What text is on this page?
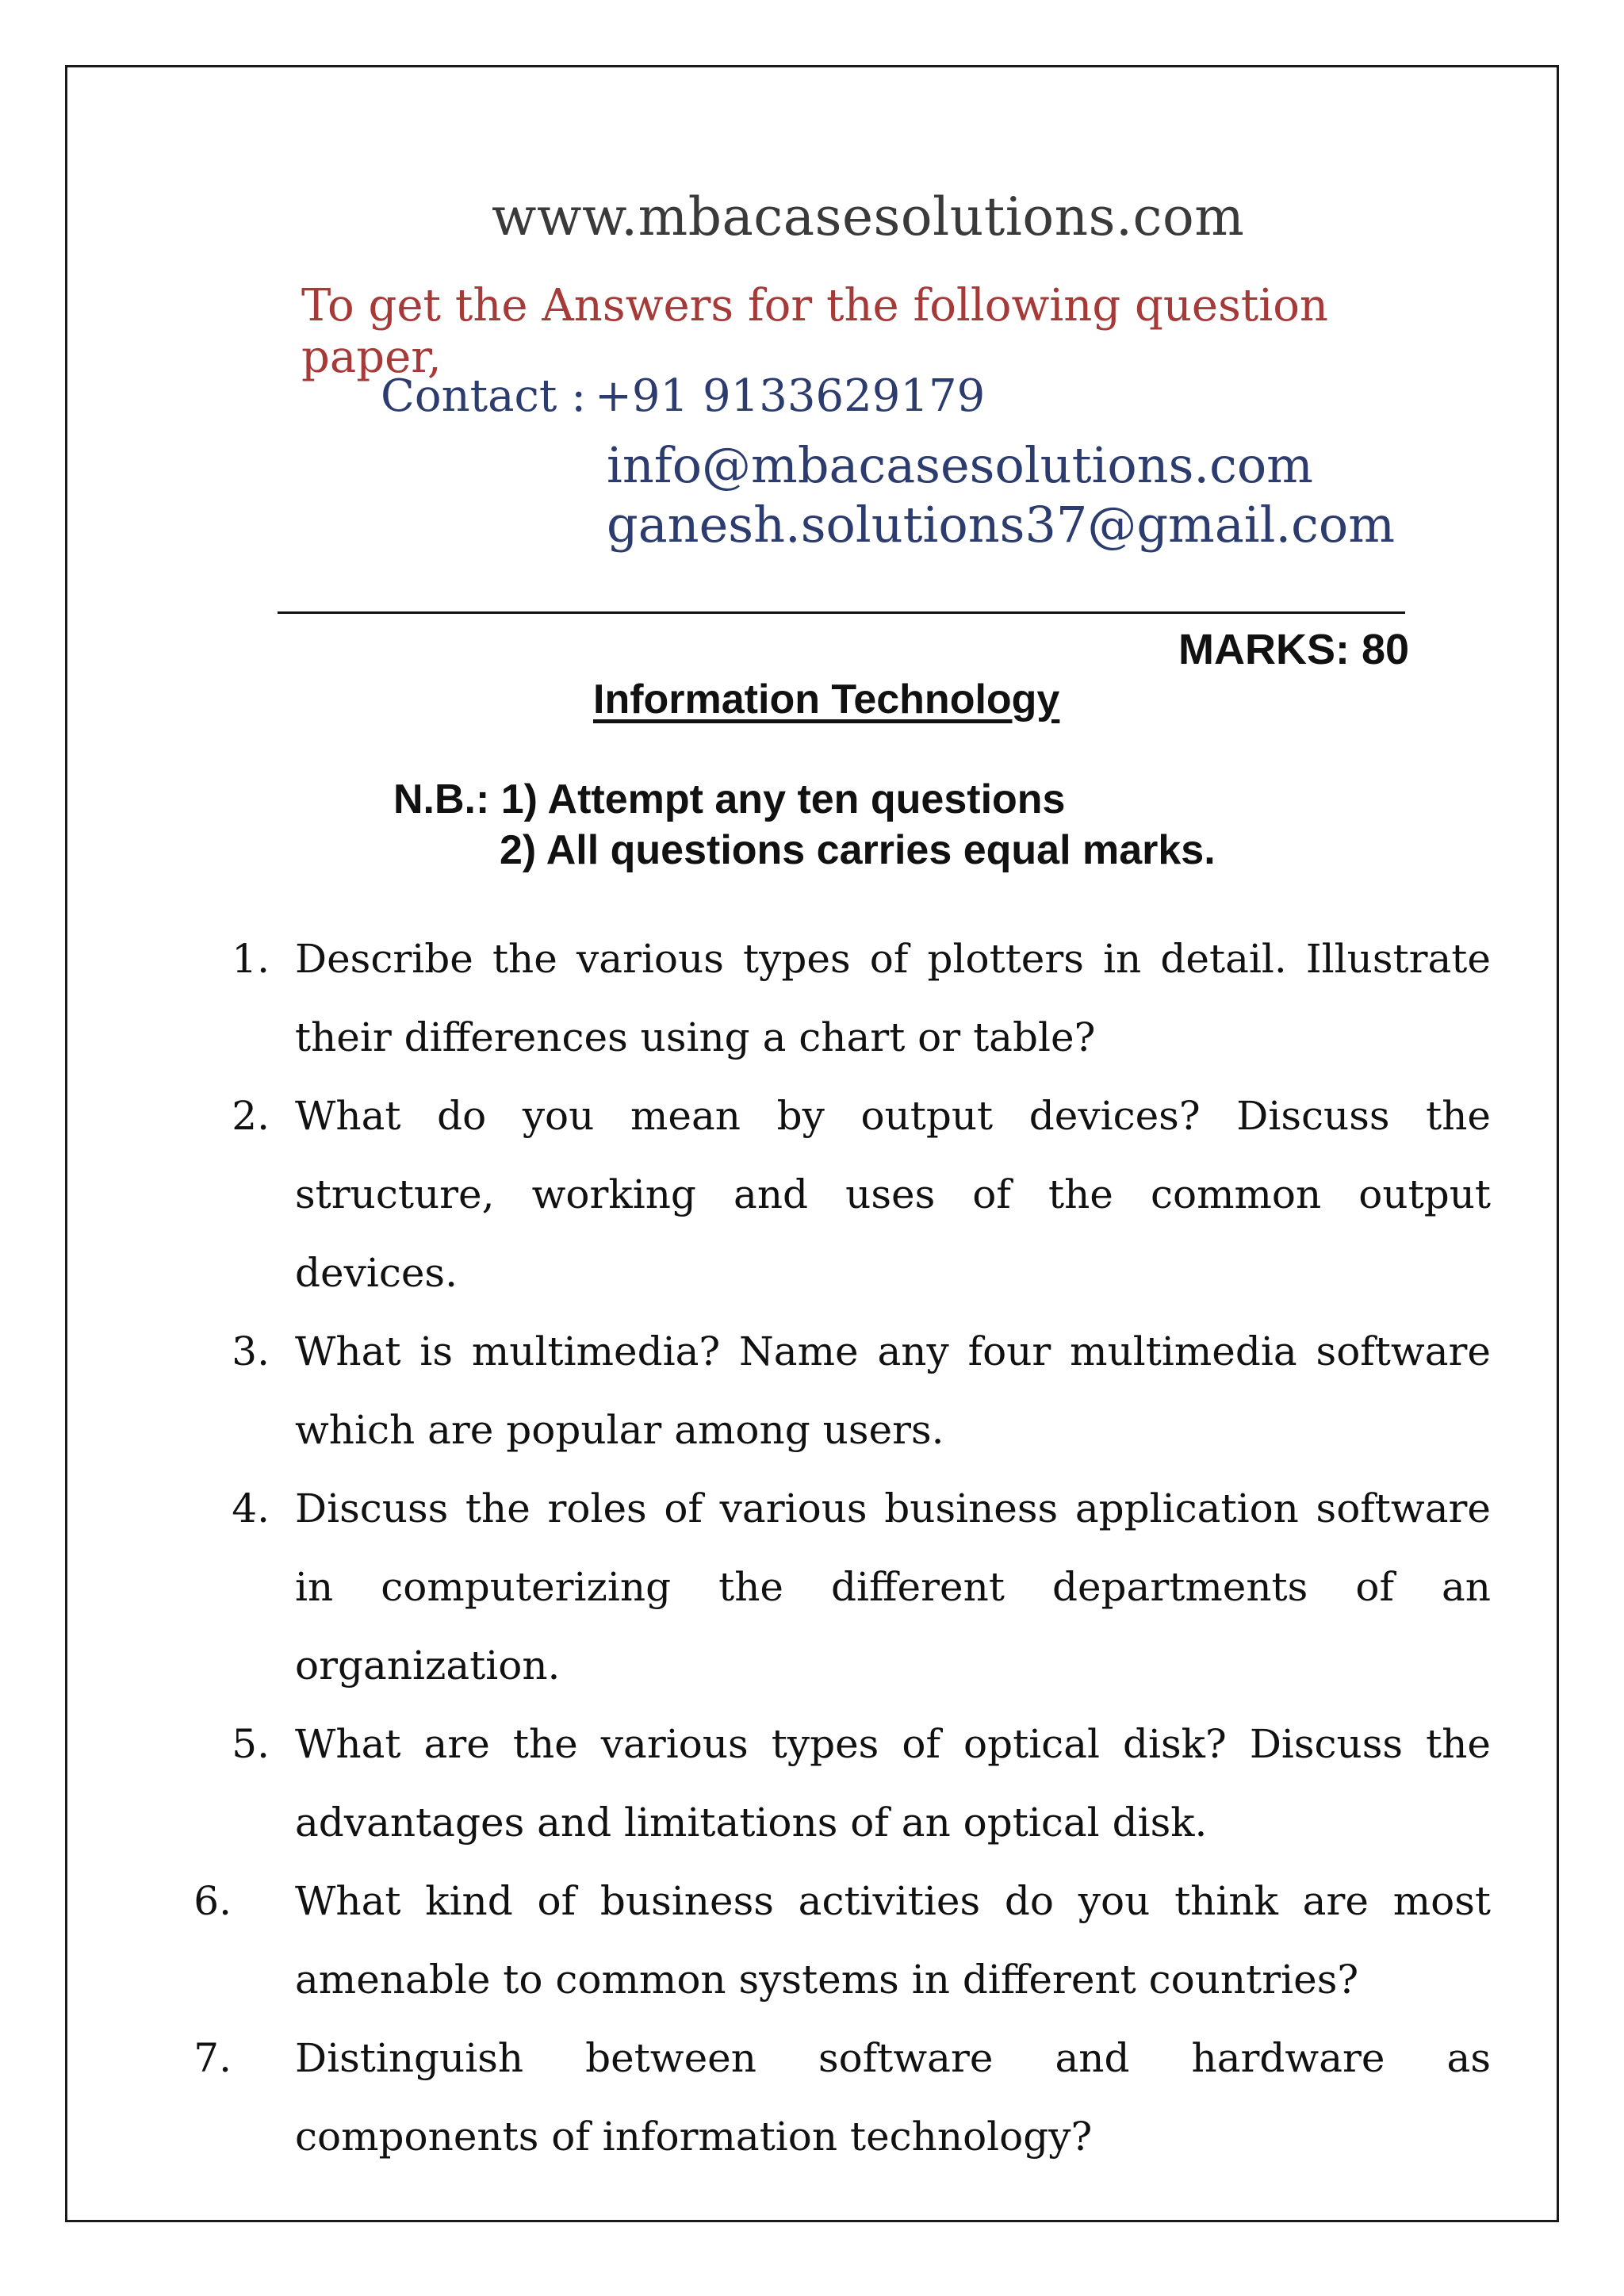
www.mbacasesolutions.com
To get the Answers for the following question paper,
Contact : +91 9133629179
info@mbacasesolutions.com
ganesh.solutions37@gmail.com
MARKS: 80
Information Technology
N.B.: 1) Attempt any ten questions
2) All questions carries equal marks.
1. Describe the various types of plotters in detail. Illustrate their differences using a chart or table?
2. What do you mean by output devices? Discuss the structure, working and uses of the common output devices.
3. What is multimedia? Name any four multimedia software which are popular among users.
4. Discuss the roles of various business application software in computerizing the different departments of an organization.
5. What are the various types of optical disk? Discuss the advantages and limitations of an optical disk.
6. What kind of business activities do you think are most amenable to common systems in different countries?
7. Distinguish between software and hardware as components of information technology?
